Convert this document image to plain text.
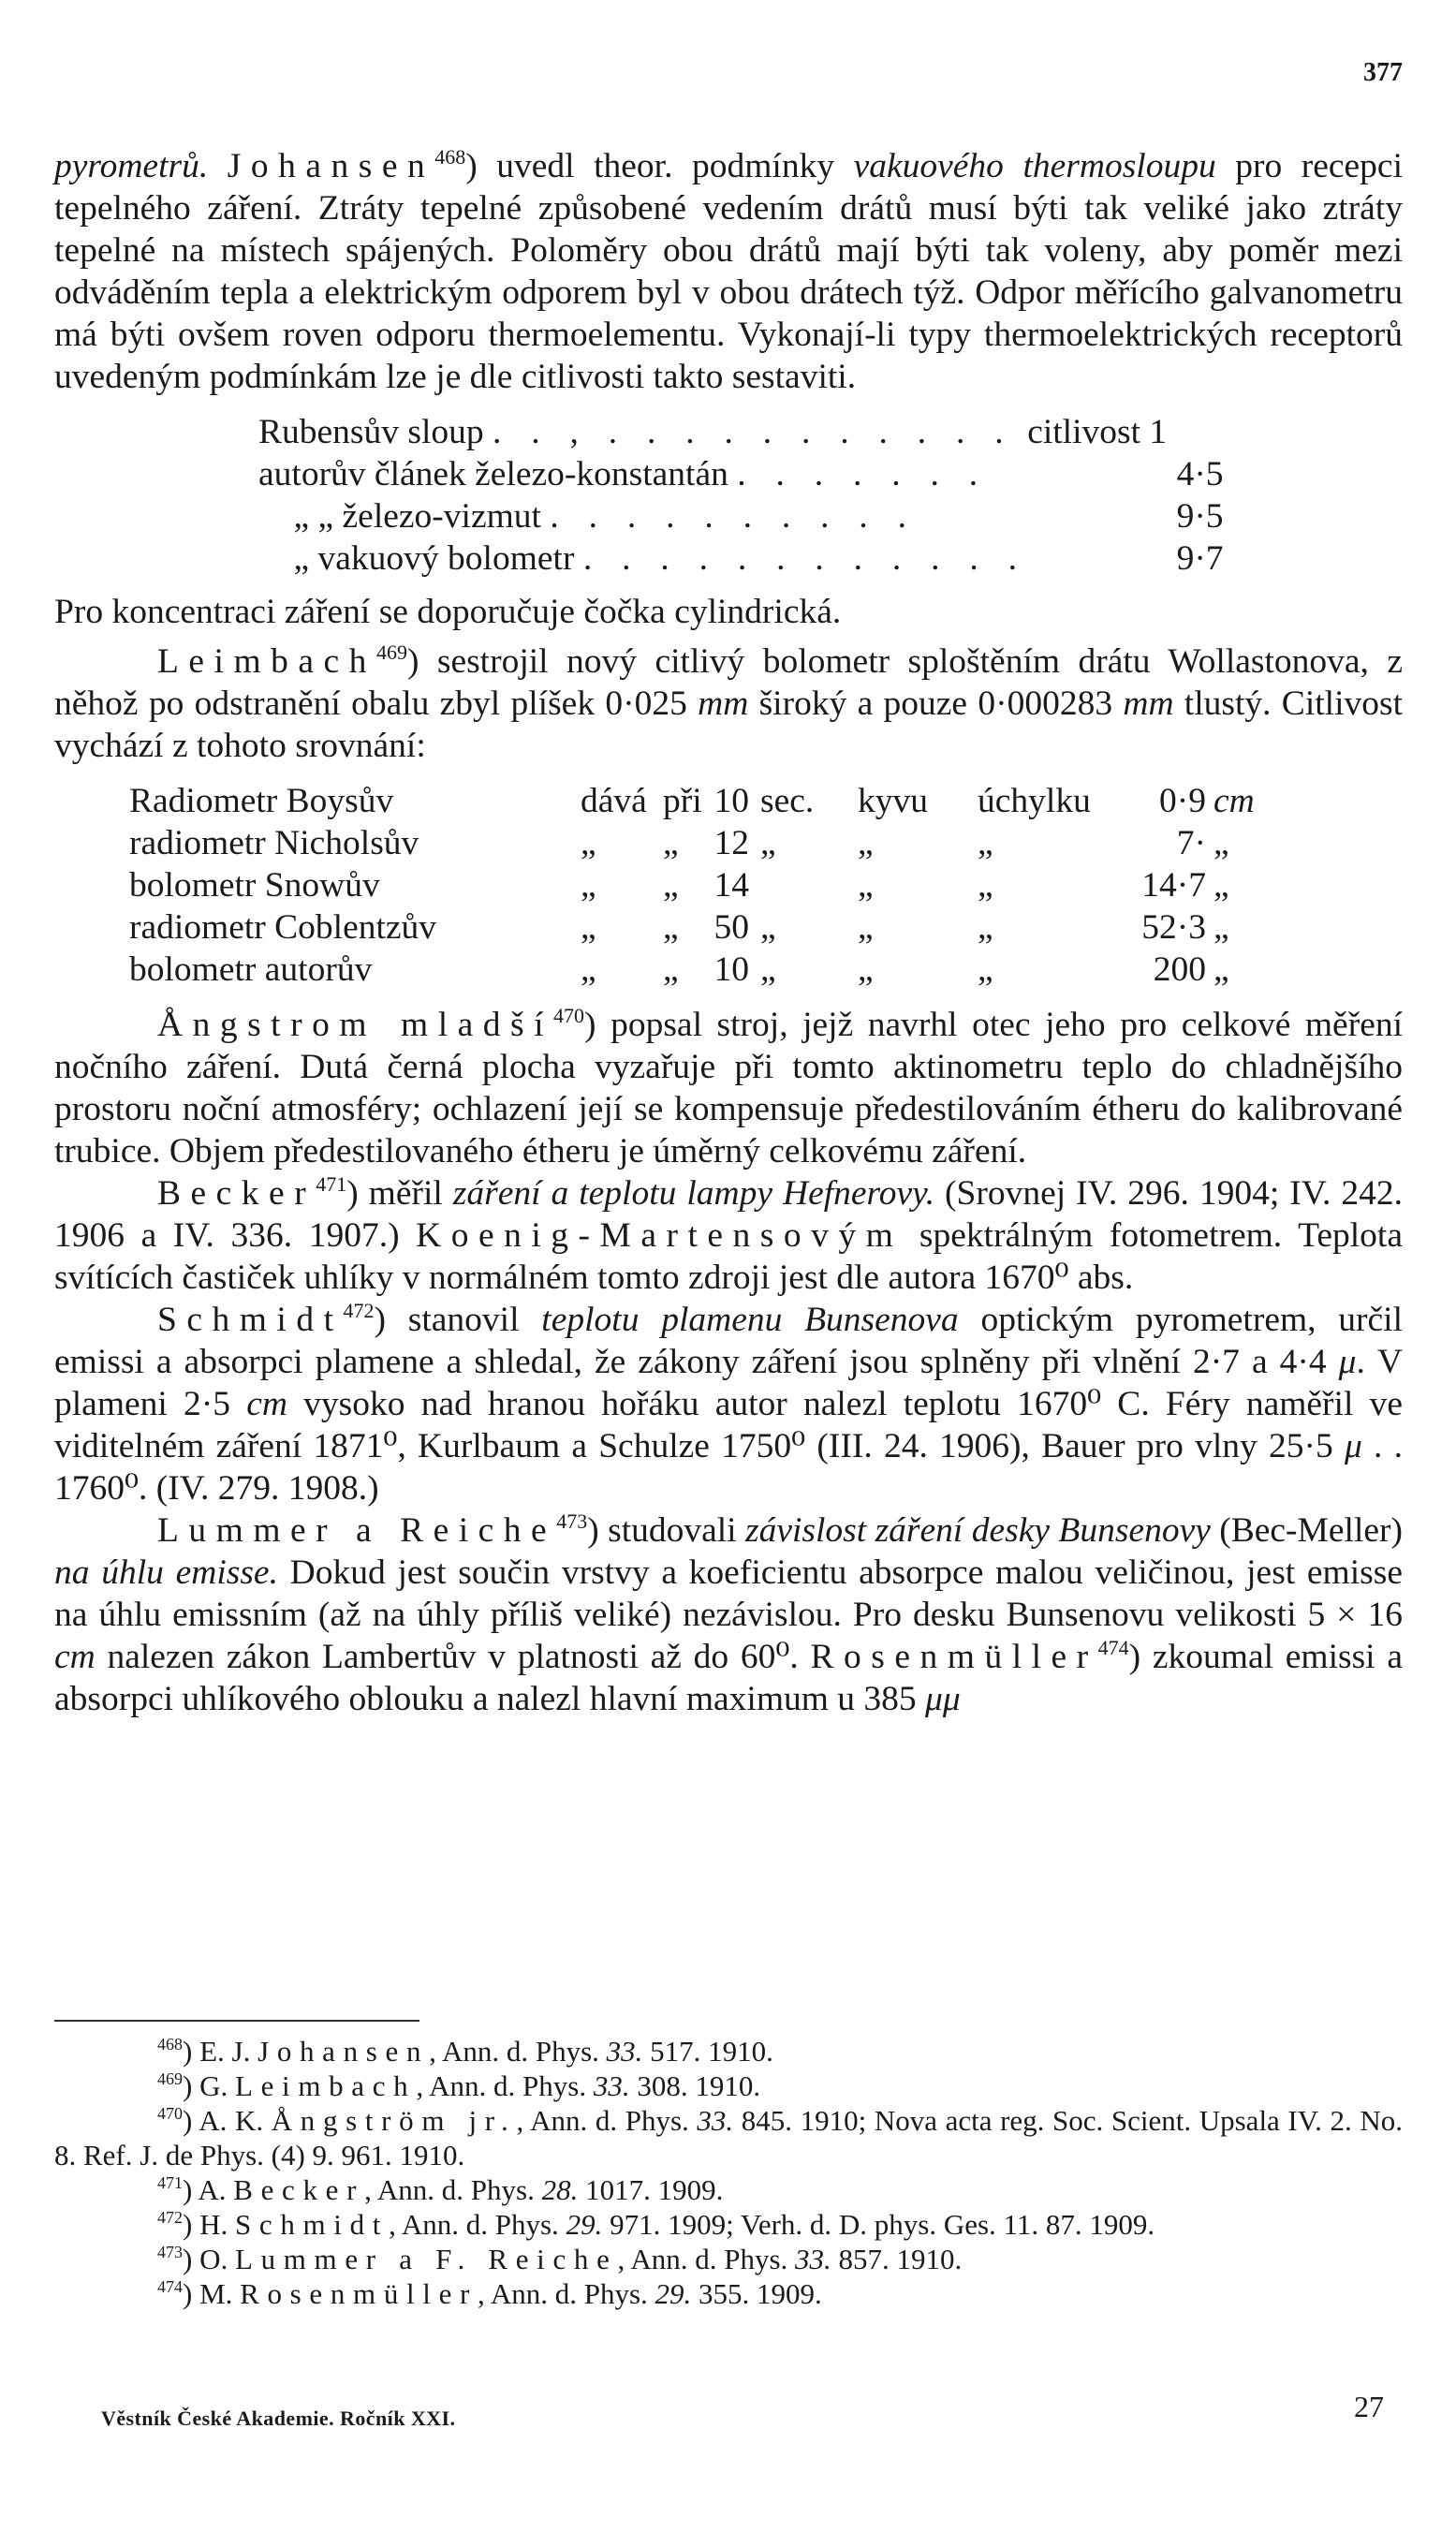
377

pyrometrů. Johansen$^{468}$) uvedl theor. podmínky vakuového thermosloupu pro recepci tepelného záření. Ztráty tepelné způsobené vedením drátů musí býti tak veliké jako ztráty tepelné na místech spájených. Poloměry obou drátů mají býti tak voleny, aby poměr mezi odváděním tepla a elektrickým odporem byl v obou drátech týž. Odpor měřícího galvanometru má býti ovšem roven odporu thermoelementu. Vykonají-li typy thermoelektrických receptorů uvedeným podmínkám lze je dle citlivosti takto sestaviti.

Rubensův sloup . . , . . . . . . . . . . .	citlivost 1
autorův článek železo-konstantán . . . . . . .	4·5
„ „ železo-vizmut . . . . . . . . . .	9·5
„ vakuový bolometr . . . . . . . . . . . .	9·7

Pro koncentraci záření se doporučuje čočka cylindrická.

Leimbach$^{469}$) sestrojil nový citlivý bolometr sploštěním drátu Wollastonova, z něhož po odstranění obalu zbyl plíšek 0·025 mm široký a pouze 0·000283 mm tlustý. Citlivost vychází z tohoto srovnání:

Radiometr Boysův	dává	při	10	sec.	kyvu	úchylku	0·9	cm
radiometr Nicholsův	„	„	12	„	„	„	7·	„
bolometr Snowův	„	„	14		„	„	14·7	„
radiometr Coblentzův	„	„	50	„	„	„	52·3	„
bolometr autorův	„	„	10	„	„	„	200	„

Ångstrom mladší$^{470}$) popsal stroj, jejž navrhl otec jeho pro celkové měření nočního záření. Dutá černá plocha vyzařuje při tomto aktinometru teplo do chladnějšího prostoru noční atmosféry; ochlazení její se kompensuje předestilováním étheru do kalibrované trubice. Objem předestilovaného étheru je úměrný celkovému záření.

Becker$^{471}$) měřil záření a teplotu lampy Hefnerovy. (Srovnej IV. 296. 1904; IV. 242. 1906 a IV. 336. 1907.) Koenig-Martensovým spektrálným fotometrem. Teplota svítících častiček uhlíky v normálném tomto zdroji jest dle autora 1670⁰ abs.

Schmidt$^{472}$) stanovil teplotu plamenu Bunsenova optickým pyrometrem, určil emissi a absorpci plamene a shledal, že zákony záření jsou splněny při vlnění 2·7 a 4·4 μ. V plameni 2·5 cm vysoko nad hranou hořáku autor nalezl teplotu 1670⁰ C. Féry naměřil ve viditelném záření 1871⁰, Kurlbaum a Schulze 1750⁰ (III. 24. 1906), Bauer pro vlny 25·5 μ . . 1760⁰. (IV. 279. 1908.)

Lummer a Reiche$^{473}$) studovali závislost záření desky Bunsenovy (Bec-Meller) na úhlu emisse. Dokud jest součin vrstvy a koeficientu absorpce malou veličinou, jest emisse na úhlu emissním (až na úhly příliš veliké) nezávislou. Pro desku Bunsenovu velikosti 5 × 16 cm nalezen zákon Lambertův v platnosti až do 60⁰. Rosenmüller$^{474}$) zkoumal emissi a absorpci uhlíkového oblouku a nalezl hlavní maximum u 385 μμ

$^{468}$) E. J. Johansen, Ann. d. Phys. 33. 517. 1910.

$^{469}$) G. Leimbach, Ann. d. Phys. 33. 308. 1910.

$^{470}$) A. K. Ångström jr., Ann. d. Phys. 33. 845. 1910; Nova acta reg. Soc. Scient. Upsala IV. 2. No. 8. Ref. J. de Phys. (4) 9. 961. 1910.

$^{471}$) A. Becker, Ann. d. Phys. 28. 1017. 1909.

$^{472}$) H. Schmidt, Ann. d. Phys. 29. 971. 1909; Verh. d. D. phys. Ges. 11. 87. 1909.

$^{473}$) O. Lummer a F. Reiche, Ann. d. Phys. 33. 857. 1910.

$^{474}$) M. Rosenmüller, Ann. d. Phys. 29. 355. 1909.

Věstník České Akademie. Ročník XXI.	27
